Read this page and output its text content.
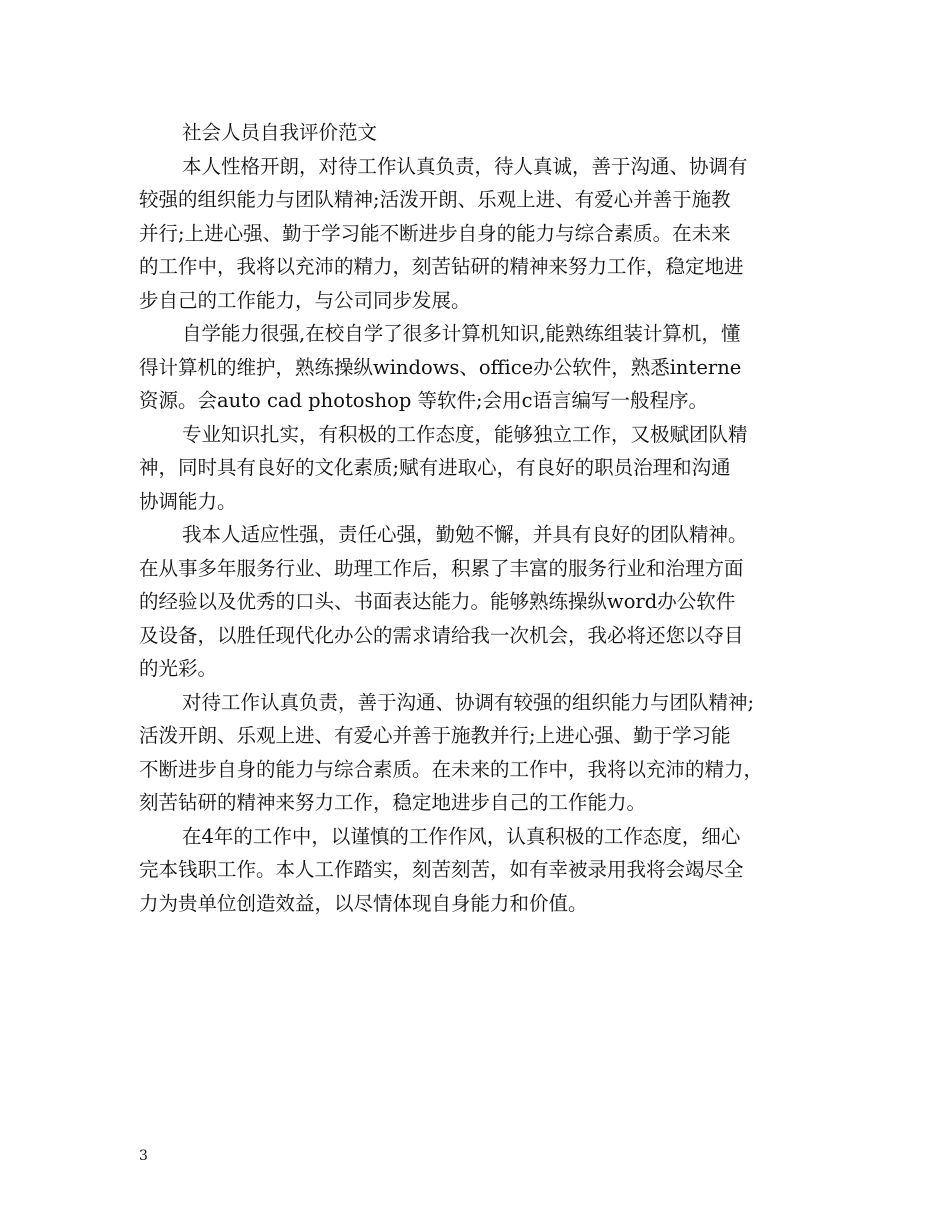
社会人员自我评价范文
本人性格开朗，对待工作认真负责，待人真诚，善于沟通、协调有
较强的组织能力与团队精神;活泼开朗、乐观上进、有爱心并善于施教
并行;上进心强、勤于学习能不断进步自身的能力与综合素质。在未来
的工作中，我将以充沛的精力，刻苦钻研的精神来努力工作，稳定地进
步自己的工作能力，与公司同步发展。
自学能力很强,在校自学了很多计算机知识,能熟练组装计算机，懂
得计算机的维护，熟练操纵windows、office办公软件，熟悉interne
资源。会auto cad photoshop 等软件;会用c语言编写一般程序。
专业知识扎实，有积极的工作态度，能够独立工作，又极赋团队精
神，同时具有良好的文化素质;赋有进取心，有良好的职员治理和沟通
协调能力。
我本人适应性强，责任心强，勤勉不懈，并具有良好的团队精神。
在从事多年服务行业、助理工作后，积累了丰富的服务行业和治理方面
的经验以及优秀的口头、书面表达能力。能够熟练操纵word办公软件
及设备，以胜任现代化办公的需求请给我一次机会，我必将还您以夺目
的光彩。
对待工作认真负责，善于沟通、协调有较强的组织能力与团队精神;
活泼开朗、乐观上进、有爱心并善于施教并行;上进心强、勤于学习能
不断进步自身的能力与综合素质。在未来的工作中，我将以充沛的精力，
刻苦钻研的精神来努力工作，稳定地进步自己的工作能力。
在4年的工作中，以谨慎的工作作风，认真积极的工作态度，细心
完本钱职工作。本人工作踏实，刻苦刻苦，如有幸被录用我将会竭尽全
力为贵单位创造效益，以尽情体现自身能力和价值。
3
